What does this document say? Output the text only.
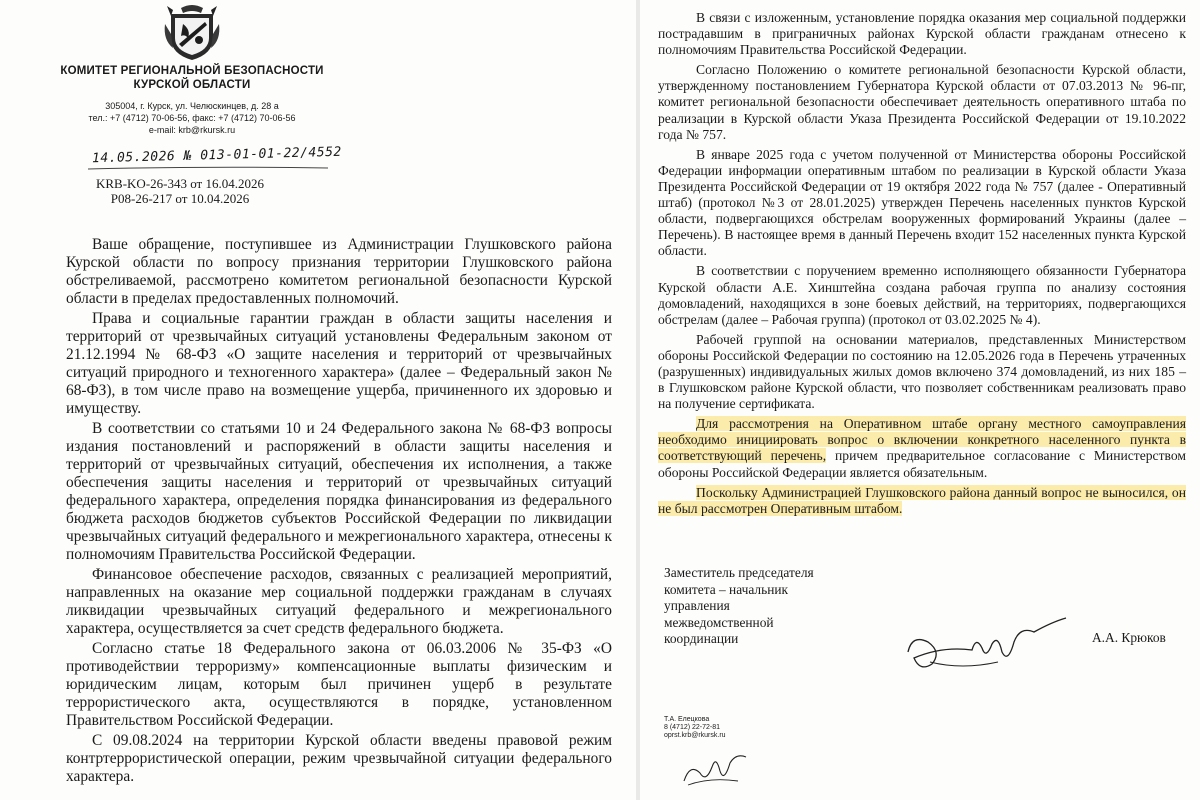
КОМИТЕТ РЕГИОНАЛЬНОЙ БЕЗОПАСНОСТИ
КУРСКОЙ ОБЛАСТИ
305004, г. Курск, ул. Челюскинцев, д. 28 а
тел.: +7 (4712) 70-06-56, факс: +7 (4712) 70-06-56
e-mail: krb@rkursk.ru
14.05.2026 № 013-01-01-22/4552
KRB-KO-26-343 от 16.04.2026
Р08-26-217 от 10.04.2026

Ваше обращение, поступившее из Администрации Глушковского района Курской области по вопросу признания территории Глушковского района обстреливаемой, рассмотрено комитетом региональной безопасности Курской области в пределах предоставленных полномочий.

Права и социальные гарантии граждан в области защиты населения и территорий от чрезвычайных ситуаций установлены Федеральным законом от 21.12.1994 № 68-ФЗ «О защите населения и территорий от чрезвычайных ситуаций природного и техногенного характера» (далее – Федеральный закон № 68-ФЗ), в том числе право на возмещение ущерба, причиненного их здоровью и имуществу.

В соответствии со статьями 10 и 24 Федерального закона № 68-ФЗ вопросы издания постановлений и распоряжений в области защиты населения и территорий от чрезвычайных ситуаций, обеспечения их исполнения, а также обеспечения защиты населения и территорий от чрезвычайных ситуаций федерального характера, определения порядка финансирования из федерального бюджета расходов бюджетов субъектов Российской Федерации по ликвидации чрезвычайных ситуаций федерального и межрегионального характера, отнесены к полномочиям Правительства Российской Федерации.

Финансовое обеспечение расходов, связанных с реализацией мероприятий, направленных на оказание мер социальной поддержки гражданам в случаях ликвидации чрезвычайных ситуаций федерального и межрегионального характера, осуществляется за счет средств федерального бюджета.

Согласно статье 18 Федерального закона от 06.03.2006 № 35-ФЗ «О противодействии терроризму» компенсационные выплаты физическим и юридическим лицам, которым был причинен ущерб в результате террористического акта, осуществляются в порядке, установленном Правительством Российской Федерации.

С 09.08.2024 на территории Курской области введены правовой режим контртеррористической операции, режим чрезвычайной ситуации федерального характера.

В связи с изложенным, установление порядка оказания мер социальной поддержки пострадавшим в приграничных районах Курской области гражданам отнесено к полномочиям Правительства Российской Федерации.

Согласно Положению о комитете региональной безопасности Курской области, утвержденному постановлением Губернатора Курской области от 07.03.2013 № 96-пг, комитет региональной безопасности обеспечивает деятельность оперативного штаба по реализации в Курской области Указа Президента Российской Федерации от 19.10.2022 года № 757.

В январе 2025 года с учетом полученной от Министерства обороны Российской Федерации информации оперативным штабом по реализации в Курской области Указа Президента Российской Федерации от 19 октября 2022 года № 757 (далее - Оперативный штаб) (протокол №3 от 28.01.2025) утвержден Перечень населенных пунктов Курской области, подвергающихся обстрелам вооруженных формирований Украины (далее – Перечень). В настоящее время в данный Перечень входит 152 населенных пункта Курской области.

В соответствии с поручением временно исполняющего обязанности Губернатора Курской области А.Е. Хинштейна создана рабочая группа по анализу состояния домовладений, находящихся в зоне боевых действий, на территориях, подвергающихся обстрелам (далее – Рабочая группа) (протокол от 03.02.2025 № 4).

Рабочей группой на основании материалов, представленных Министерством обороны Российской Федерации по состоянию на 12.05.2026 года в Перечень утраченных (разрушенных) индивидуальных жилых домов включено 374 домовладений, из них 185 – в Глушковском районе Курской области, что позволяет собственникам реализовать право на получение сертификата.

Для рассмотрения на Оперативном штабе органу местного самоуправления необходимо инициировать вопрос о включении конкретного населенного пункта в соответствующий перечень, причем предварительное согласование с Министерством обороны Российской Федерации является обязательным.

Поскольку Администрацией Глушковского района данный вопрос не выносился, он не был рассмотрен Оперативным штабом.

Заместитель председателя
комитета – начальник
управления
межведомственной
координации	А.А. Крюков
Т.А. Елецкова
8 (4712) 22-72-81
oprst.krb@rkursk.ru
